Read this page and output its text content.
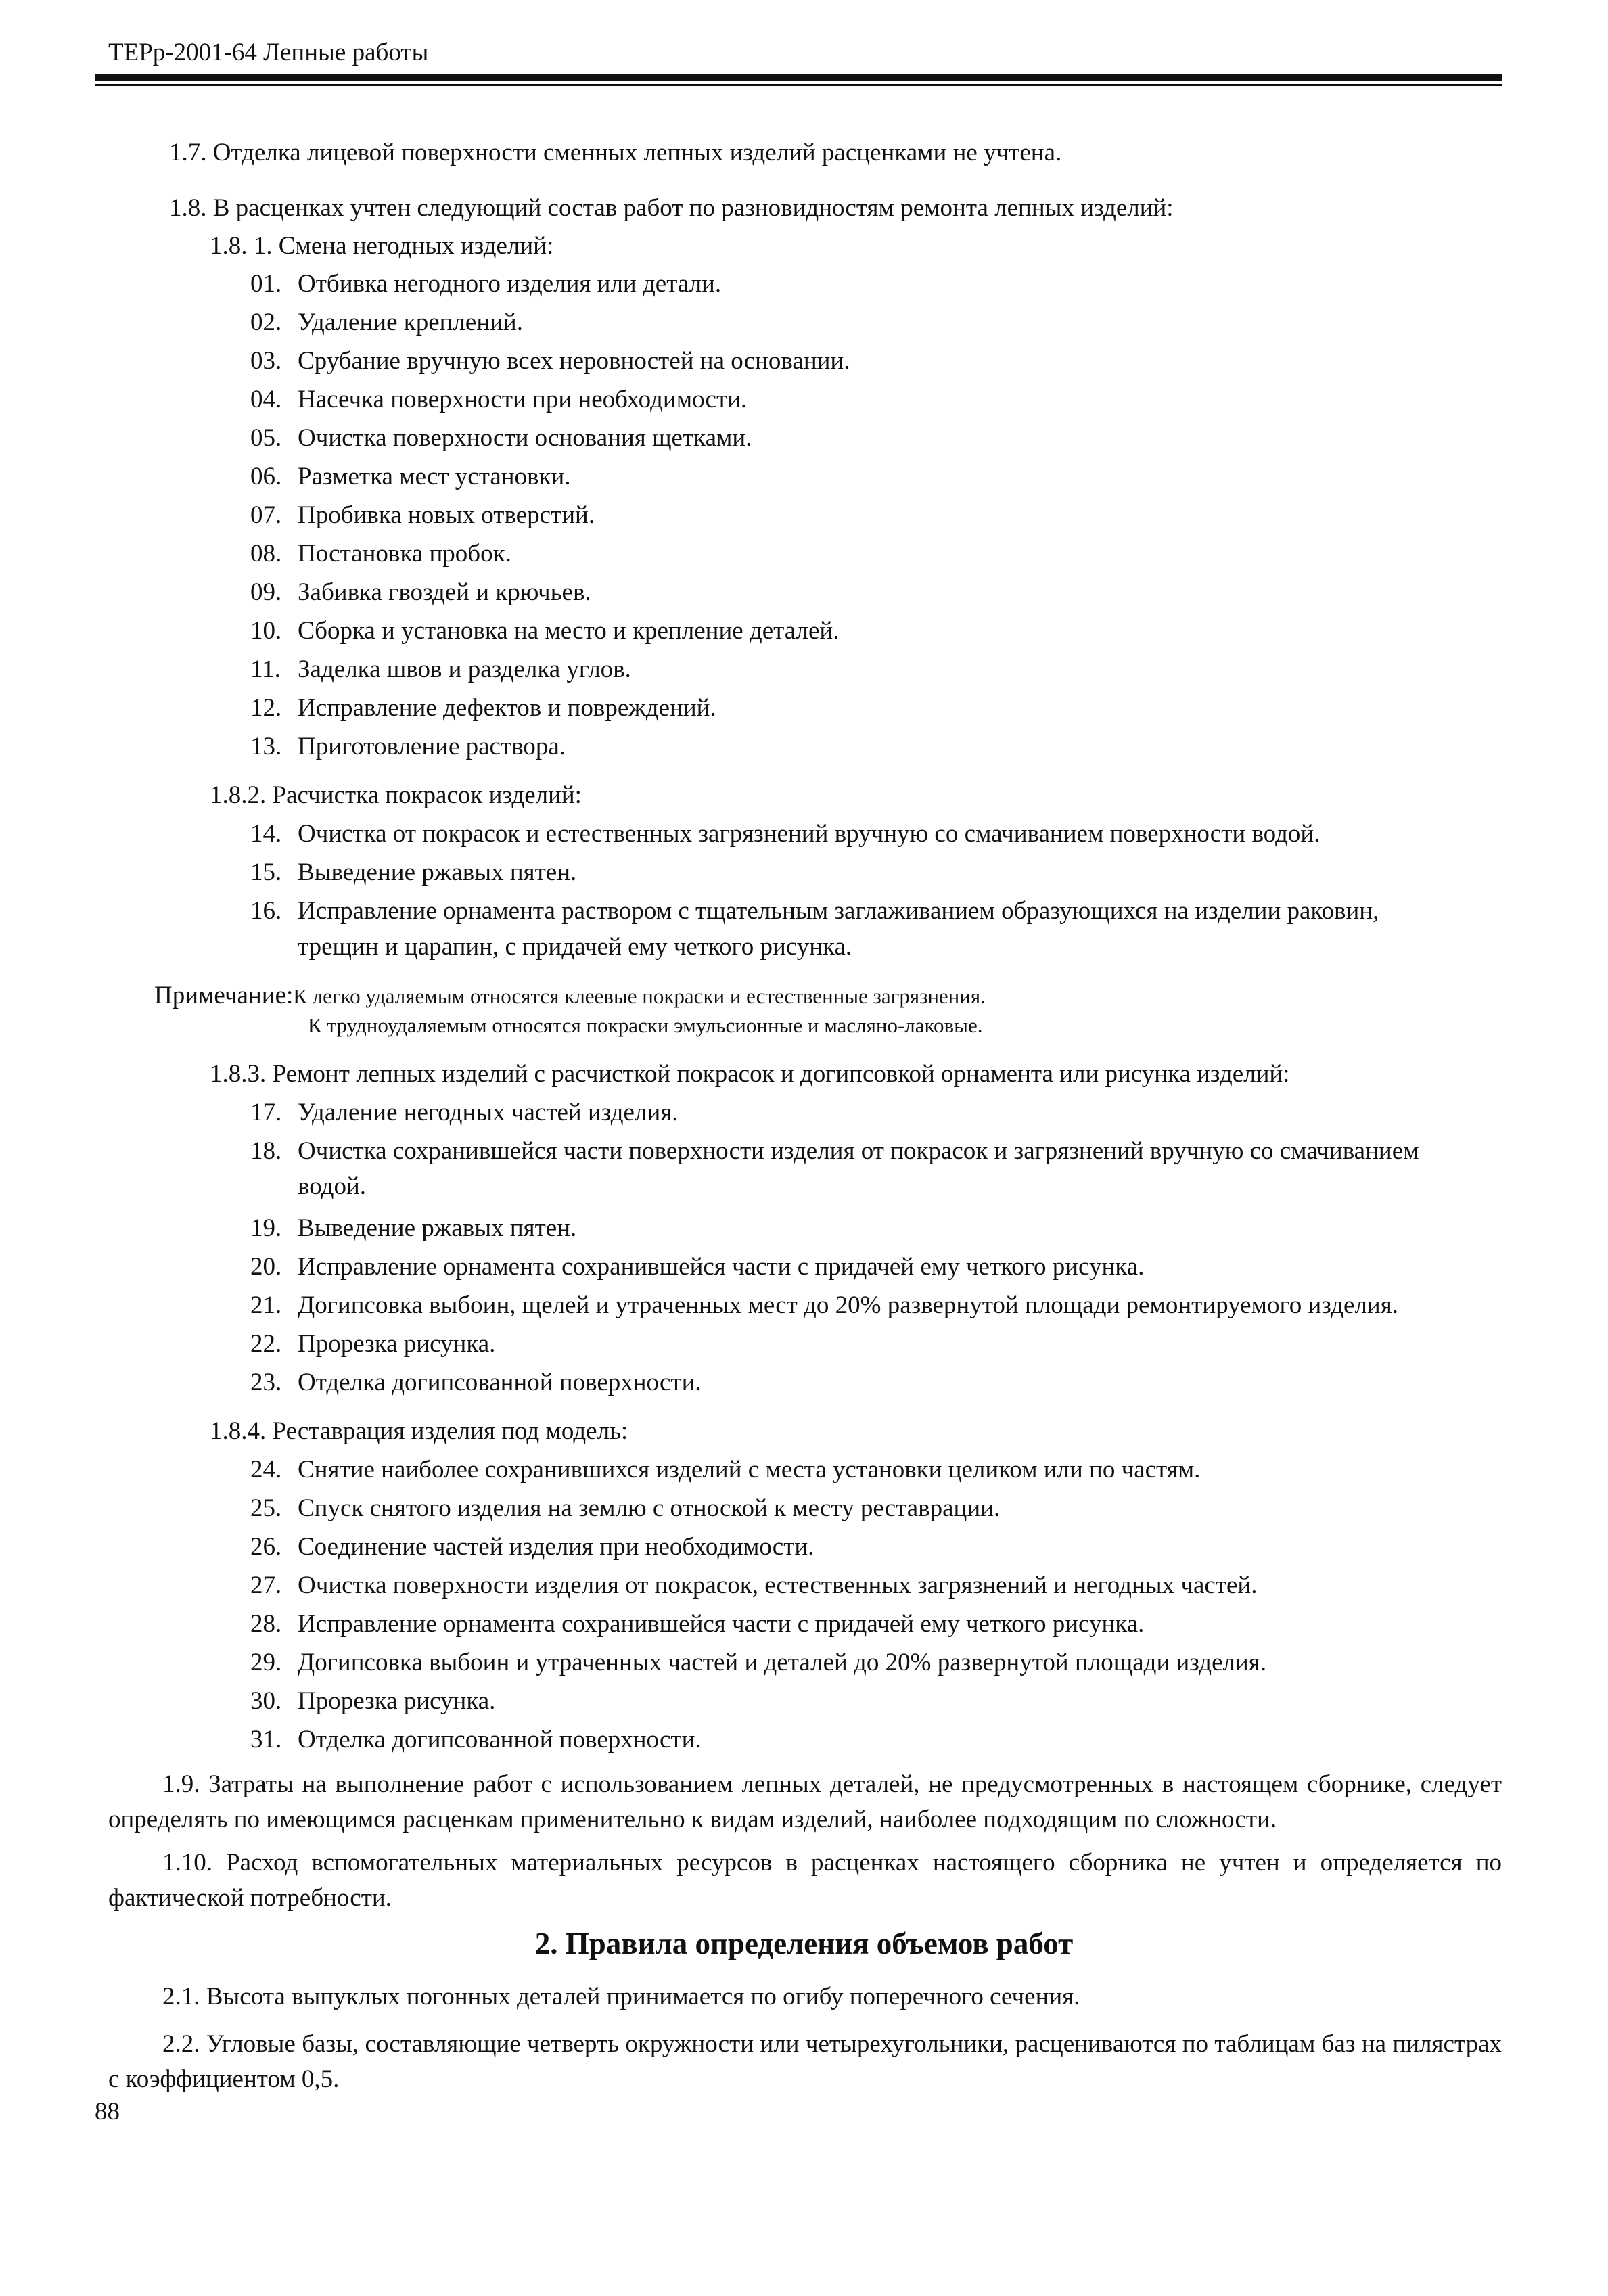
ТЕРр-2001-64 Лепные работы
1.7. Отделка лицевой поверхности сменных лепных изделий расценками не учтена.
1.8. В расценках учтен следующий состав работ по разновидностям ремонта лепных изделий:
1.8. 1. Смена негодных изделий:
01. Отбивка негодного изделия или детали.
02. Удаление креплений.
03. Срубание вручную всех неровностей на основании.
04. Насечка поверхности при необходимости.
05. Очистка поверхности основания щетками.
06. Разметка мест установки.
07. Пробивка новых отверстий.
08. Постановка пробок.
09. Забивка гвоздей и крючьев.
10. Сборка и установка на место и крепление деталей.
11. Заделка швов и разделка углов.
12. Исправление дефектов и повреждений.
13. Приготовление раствора.
1.8.2. Расчистка покрасок изделий:
14. Очистка от покрасок и естественных загрязнений вручную со смачиванием поверхности водой.
15. Выведение ржавых пятен.
16. Исправление орнамента раствором с тщательным заглаживанием образующихся на изделии раковин,
трещин и царапин, с придачей ему четкого рисунка.
Примечание:К легко удаляемым относятся клеевые покраски и естественные загрязнения.
К трудноудаляемым относятся покраски эмульсионные и масляно-лаковые.
1.8.3. Ремонт лепных изделий с расчисткой покрасок и догипсовкой орнамента или рисунка изделий:
17. Удаление негодных частей изделия.
18. Очистка сохранившейся части поверхности изделия от покрасок и загрязнений вручную со смачиванием
водой.
19. Выведение ржавых пятен.
20. Исправление орнамента сохранившейся части с придачей ему четкого рисунка.
21. Догипсовка выбоин, щелей и утраченных мест до 20% развернутой площади ремонтируемого изделия.
22. Прорезка рисунка.
23. Отделка догипсованной поверхности.
1.8.4. Реставрация изделия под модель:
24. Снятие наиболее сохранившихся изделий с места установки целиком или по частям.
25. Спуск снятого изделия на землю с отноской к месту реставрации.
26. Соединение частей изделия при необходимости.
27. Очистка поверхности изделия от покрасок, естественных загрязнений и негодных частей.
28. Исправление орнамента сохранившейся части с придачей ему четкого рисунка.
29. Догипсовка выбоин и утраченных частей и деталей до 20% развернутой площади изделия.
30. Прорезка рисунка.
31. Отделка догипсованной поверхности.
1.9. Затраты на выполнение работ с использованием лепных деталей, не предусмотренных в настоящем сборнике, следует определять по имеющимся расценкам применительно к видам изделий, наиболее подходящим по сложности.
1.10. Расход вспомогательных материальных ресурсов в расценках настоящего сборника не учтен и определяется по фактической потребности.
2. Правила определения объемов работ
2.1. Высота выпуклых погонных деталей принимается по огибу поперечного сечения.
2.2. Угловые базы, составляющие четверть окружности или четырехугольники, расцениваются по таблицам баз на пилястрах с коэффициентом 0,5.
88
